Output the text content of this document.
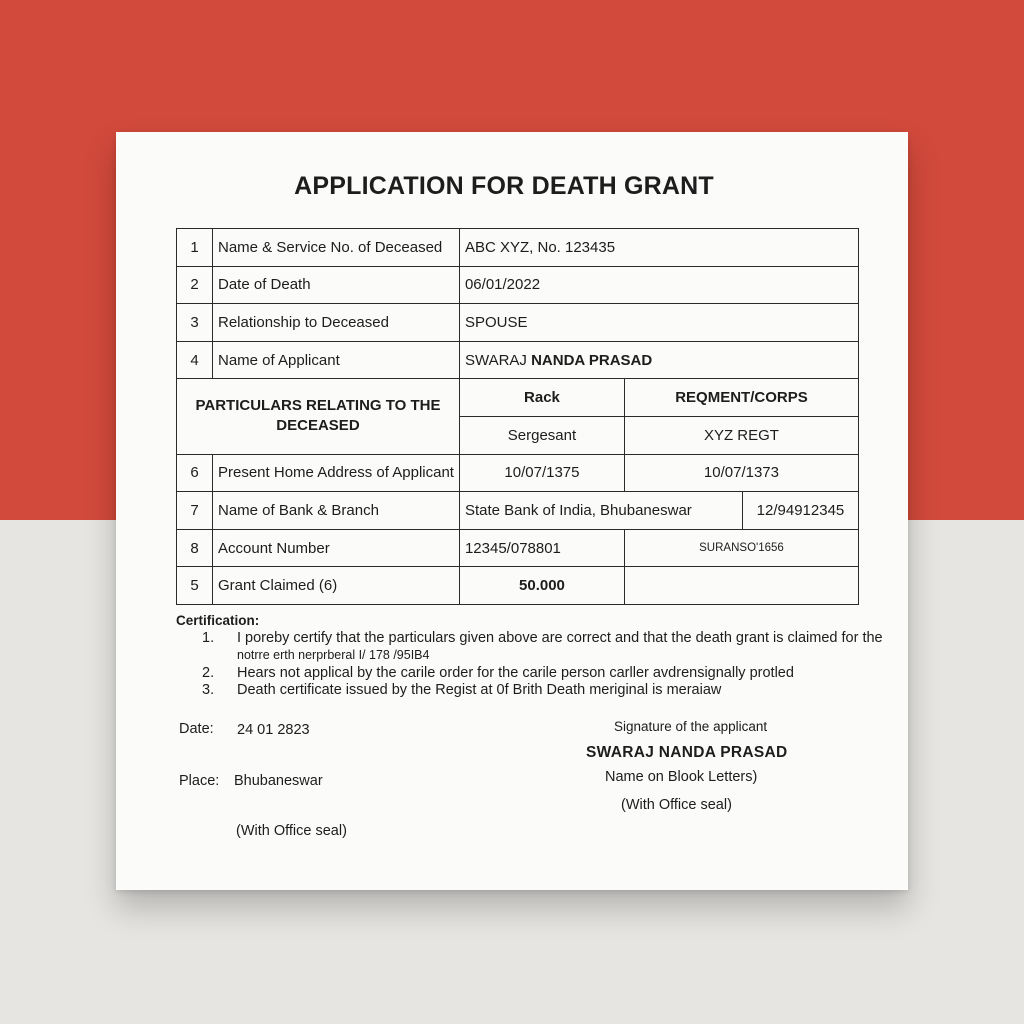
APPLICATION FOR DEATH GRANT
1	Name & Service No. of Deceased	ABC XYZ, No. 123435		
2	Date of Death	06/01/2022		
3	Relationship to Deceased	SPOUSE		
4	Name of Applicant	SWARAJ NANDA PRASAD		
PARTICULARS RELATING TO THE DECEASED		Rack	REQMENT/CORPS	
		Sergesant	XYZ REGT	
6	Present Home Address of Applicant	10/07/1375	10/07/1373	
7	Name of Bank & Branch	State Bank of India, Bhubaneswar		12/94912345
8	Account Number	12345/078801	SURANSO'1656	
5	Grant Claimed (6)	50.000		
Certification:
1. I poreby certify that the particulars given above are correct and that the death grant is claimed for the
notrre erth nerprberal I/ 178 /95IB4
2. Hears not applical by the carile order for the carile person carller avdrensignally protled
3. Death certificate issued by the Regist at 0f Brith Death meriginal is meraiaw
Date: 24 01 2823
Place: Bhubaneswar
(With Office seal)
Signature of the applicant
SWARAJ NANDA PRASAD
Name on Blook Letters)
(With Office seal)
